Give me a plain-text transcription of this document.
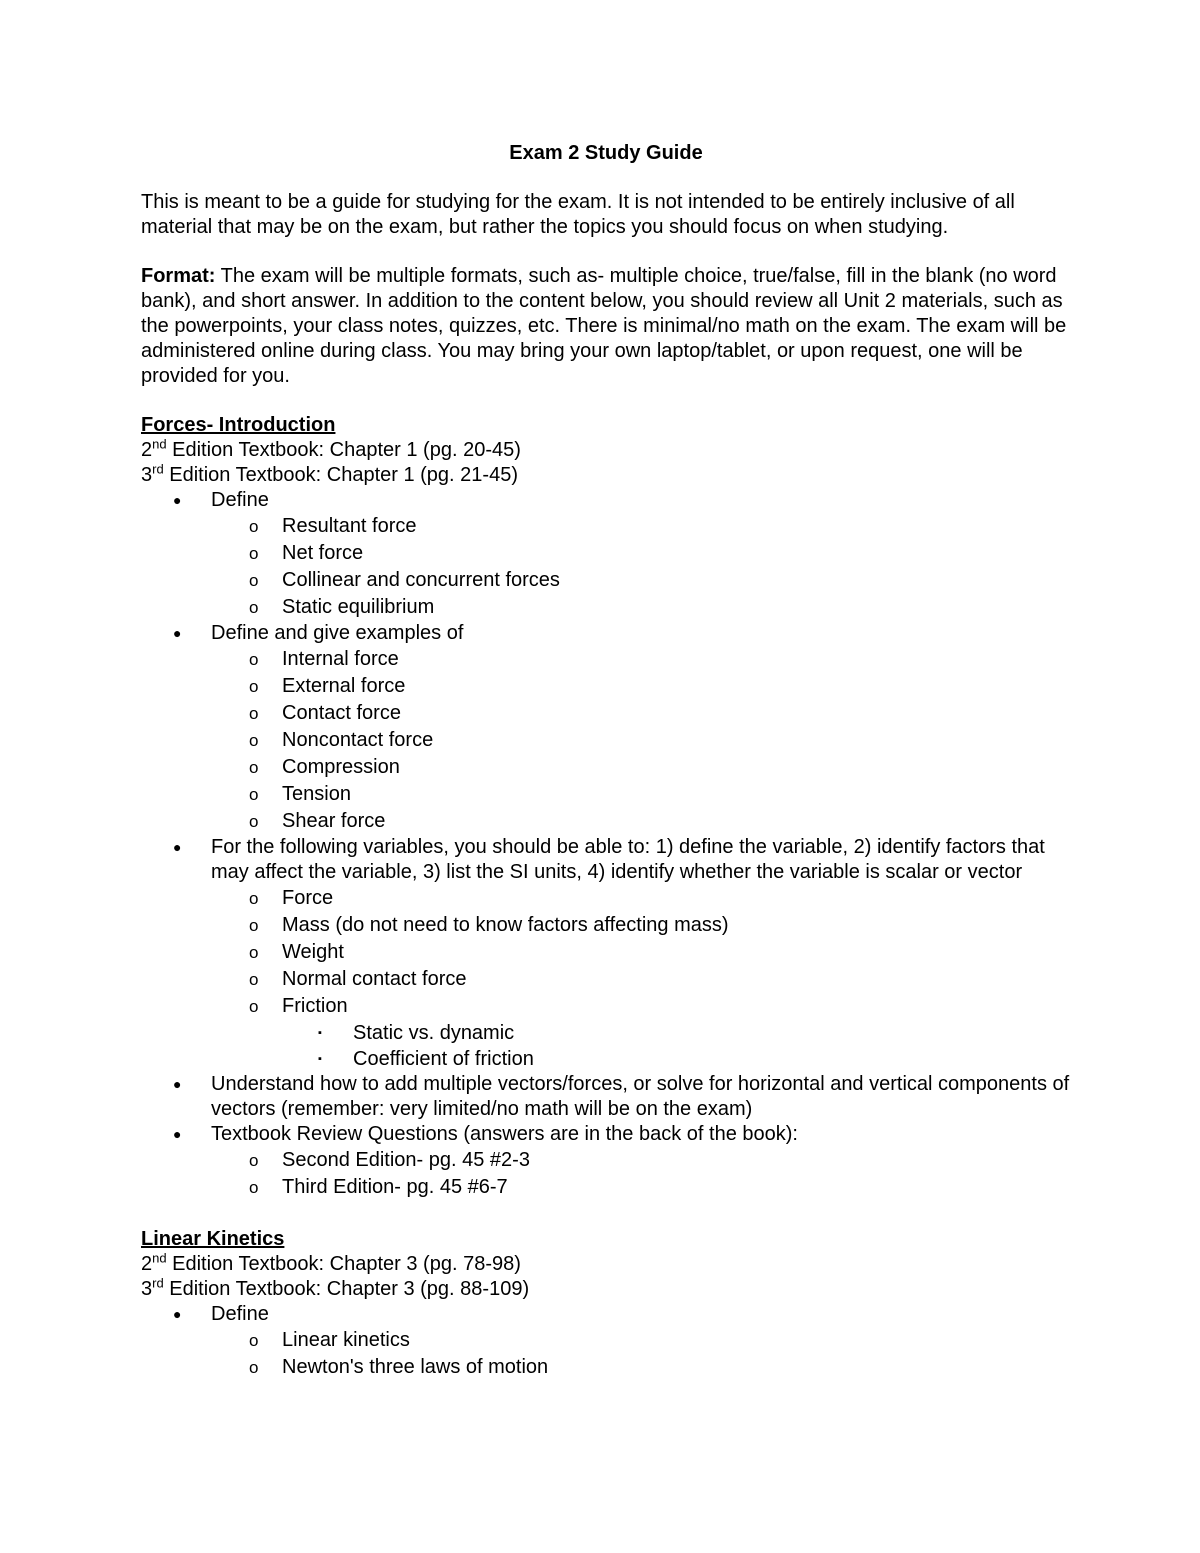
Exam 2 Study Guide

This is meant to be a guide for studying for the exam. It is not intended to be entirely inclusive of all material that may be on the exam, but rather the topics you should focus on when studying.

Format: The exam will be multiple formats, such as- multiple choice, true/false, fill in the blank (no word bank), and short answer. In addition to the content below, you should review all Unit 2 materials, such as the powerpoints, your class notes, quizzes, etc. There is minimal/no math on the exam. The exam will be administered online during class. You may bring your own laptop/tablet, or upon request, one will be provided for you.

Forces- Introduction
2nd Edition Textbook: Chapter 1 (pg. 20-45)
3rd Edition Textbook: Chapter 1 (pg. 21-45)
● Define
o Resultant force
o Net force
o Collinear and concurrent forces
o Static equilibrium
● Define and give examples of
o Internal force
o External force
o Contact force
o Noncontact force
o Compression
o Tension
o Shear force
● For the following variables, you should be able to: 1) define the variable, 2) identify factors that may affect the variable, 3) list the SI units, 4) identify whether the variable is scalar or vector
o Force
o Mass (do not need to know factors affecting mass)
o Weight
o Normal contact force
o Friction
▪ Static vs. dynamic
▪ Coefficient of friction
● Understand how to add multiple vectors/forces, or solve for horizontal and vertical components of vectors (remember: very limited/no math will be on the exam)
● Textbook Review Questions (answers are in the back of the book):
o Second Edition- pg. 45 #2-3
o Third Edition- pg. 45 #6-7
Linear Kinetics
2nd Edition Textbook: Chapter 3 (pg. 78-98)
3rd Edition Textbook: Chapter 3 (pg. 88-109)
● Define
o Linear kinetics
o Newton's three laws of motion
